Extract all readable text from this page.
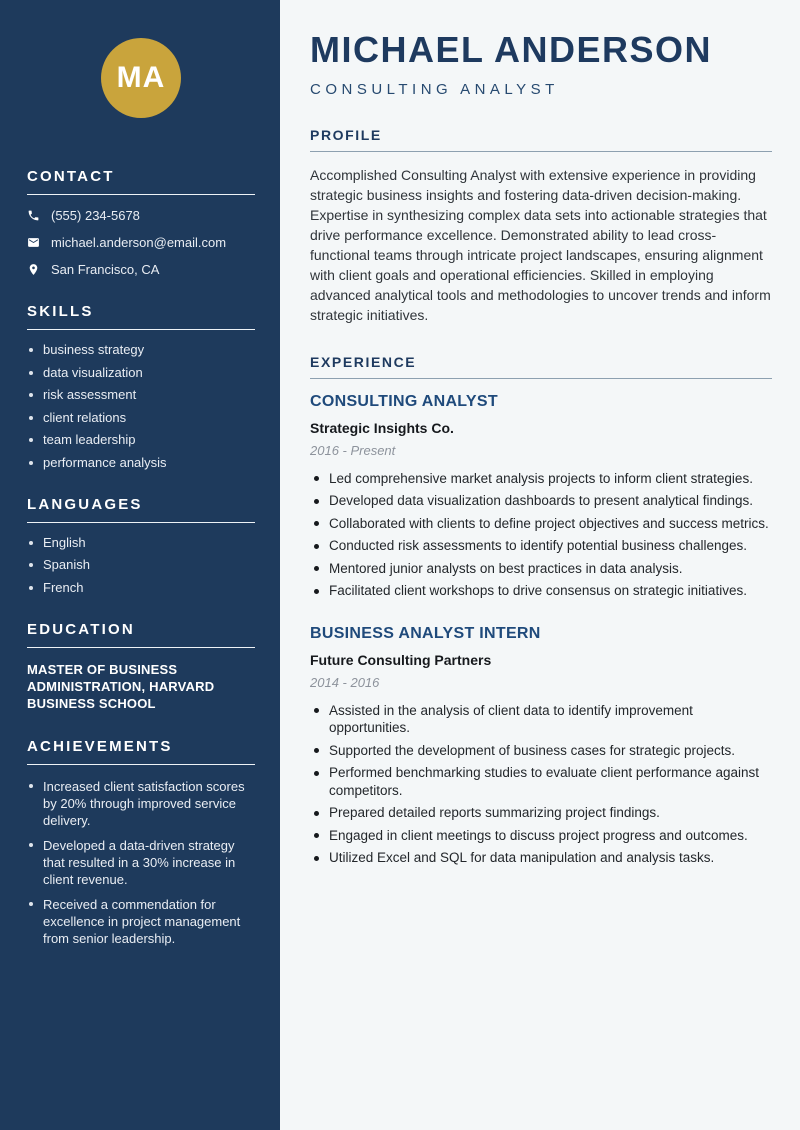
MA
CONTACT
(555) 234-5678
michael.anderson@email.com
San Francisco, CA
SKILLS
business strategy
data visualization
risk assessment
client relations
team leadership
performance analysis
LANGUAGES
English
Spanish
French
EDUCATION
MASTER OF BUSINESS ADMINISTRATION, HARVARD BUSINESS SCHOOL
ACHIEVEMENTS
Increased client satisfaction scores by 20% through improved service delivery.
Developed a data-driven strategy that resulted in a 30% increase in client revenue.
Received a commendation for excellence in project management from senior leadership.
MICHAEL ANDERSON
CONSULTING ANALYST
PROFILE

Accomplished Consulting Analyst with extensive experience in providing strategic business insights and fostering data-driven decision-making. Expertise in synthesizing complex data sets into actionable strategies that drive performance excellence. Demonstrated ability to lead cross-functional teams through intricate project landscapes, ensuring alignment with client goals and operational efficiencies. Skilled in employing advanced analytical tools and methodologies to uncover trends and inform strategic initiatives.

EXPERIENCE
CONSULTING ANALYST
Strategic Insights Co.
2016 - Present
Led comprehensive market analysis projects to inform client strategies.
Developed data visualization dashboards to present analytical findings.
Collaborated with clients to define project objectives and success metrics.
Conducted risk assessments to identify potential business challenges.
Mentored junior analysts on best practices in data analysis.
Facilitated client workshops to drive consensus on strategic initiatives.
BUSINESS ANALYST INTERN
Future Consulting Partners
2014 - 2016
Assisted in the analysis of client data to identify improvement opportunities.
Supported the development of business cases for strategic projects.
Performed benchmarking studies to evaluate client performance against competitors.
Prepared detailed reports summarizing project findings.
Engaged in client meetings to discuss project progress and outcomes.
Utilized Excel and SQL for data manipulation and analysis tasks.
